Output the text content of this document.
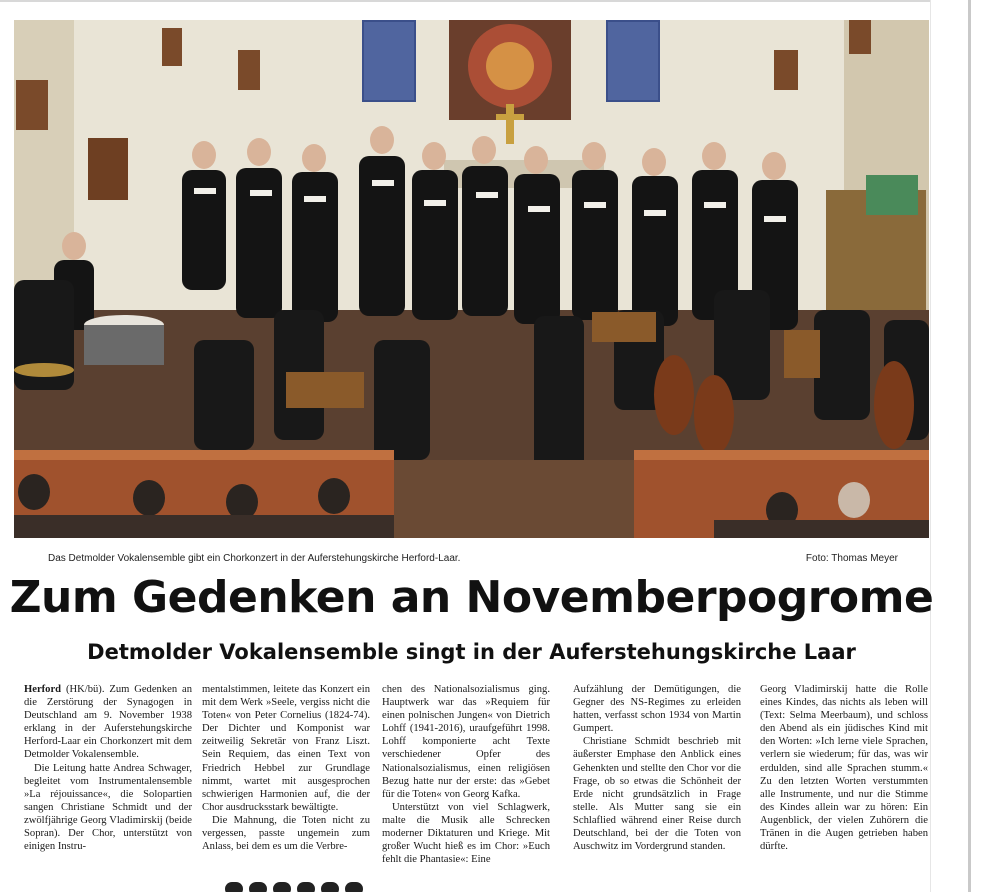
Das Detmolder Vokalensemble gibt ein Chorkonzert in der Auferstehungskirche Herford-Laar.	Foto: Thomas Meyer
Zum Gedenken an Novemberpogrome
Detmolder Vokalensemble singt in der Auferstehungskirche Laar

Herford (HK/bü). Zum Gedenken an die Zerstörung der Synagogen in Deutschland am 9. November 1938 erklang in der Auferstehungskirche Herford-Laar ein Chorkonzert mit dem Detmolder Vokalensemble.

Die Leitung hatte Andrea Schwager, begleitet vom Instrumentalensemble »La réjouissance«, die Solopartien sangen Christiane Schmidt und der zwölfjährige Georg Vladimirskij (beide Sopran). Der Chor, unterstützt von einigen Instru-

mentalstimmen, leitete das Konzert ein mit dem Werk »Seele, vergiss nicht die Toten« von Peter Cornelius (1824-74). Der Dichter und Komponist war zeitweilig Sekretär von Franz Liszt. Sein Requiem, das einen Text von Friedrich Hebbel zur Grundlage nimmt, wartet mit ausgesprochen schwierigen Harmonien auf, die der Chor ausdrucksstark bewältigte.

Die Mahnung, die Toten nicht zu vergessen, passte ungemein zum Anlass, bei dem es um die Verbre-

chen des Nationalsozialismus ging. Hauptwerk war das »Requiem für einen polnischen Jungen« von Dietrich Lohff (1941-2016), uraufgeführt 1998. Lohff komponierte acht Texte verschiedener Opfer des Nationalsozialismus, einen religiösen Bezug hatte nur der erste: das »Gebet für die Toten« von Georg Kafka.

Unterstützt von viel Schlagwerk, malte die Musik alle Schrecken moderner Diktaturen und Kriege. Mit großer Wucht hieß es im Chor: »Euch fehlt die Phantasie«: Eine

Aufzählung der Demütigungen, die Gegner des NS-Regimes zu erleiden hatten, verfasst schon 1934 von Martin Gumpert.

Christiane Schmidt beschrieb mit äußerster Emphase den Anblick eines Gehenkten und stellte den Chor vor die Frage, ob so etwas die Schönheit der Erde nicht grundsätzlich in Frage stelle. Als Mutter sang sie ein Schlaflied während einer Reise durch Deutschland, bei der die Toten von Auschwitz im Vordergrund standen.

Georg Vladimirskij hatte die Rolle eines Kindes, das nichts als leben will (Text: Selma Meerbaum), und schloss den Abend als ein jüdisches Kind mit den Worten: »Ich lerne viele Sprachen, verlern sie wiederum; für das, was wir erdulden, sind alle Sprachen stumm.« Zu den letzten Worten verstummten alle Instrumente, und nur die Stimme des Kindes allein war zu hören: Ein Augenblick, der vielen Zuhörern die Tränen in die Augen getrieben haben dürfte.
